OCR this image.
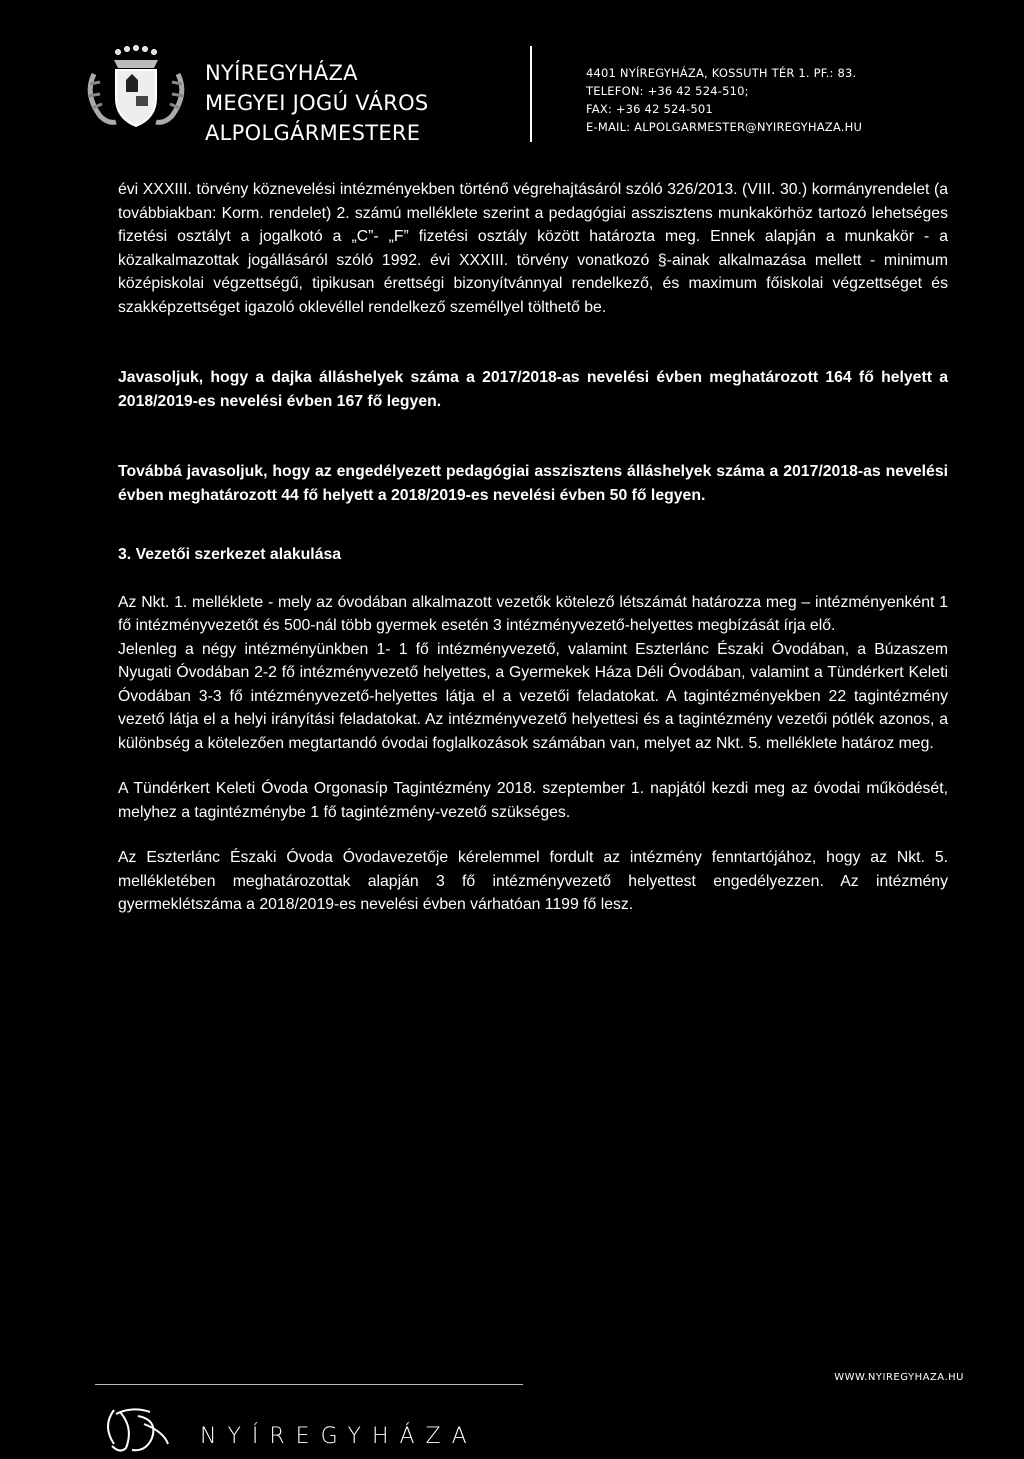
NYÍREGYHÁZA
MEGYEI JOGÚ VÁROS
ALPOLGÁRMESTERE
4401 NYÍREGYHÁZA, KOSSUTH TÉR 1. PF.: 83.
TELEFON: +36 42 524-510;
FAX: +36 42 524-501
E-MAIL: ALPOLGARMESTER@NYIREGYHAZA.HU

évi XXXIII. törvény köznevelési intézményekben történő végrehajtásáról szóló 326/2013. (VIII. 30.) kormányrendelet (a továbbiakban: Korm. rendelet) 2. számú melléklete szerint a pedagógiai asszisztens munkakörhöz tartozó lehetséges fizetési osztályt a jogalkotó a „C”- „F” fizetési osztály között határozta meg. Ennek alapján a munkakör - a közalkalmazottak jogállásáról szóló 1992. évi XXXIII. törvény vonatkozó §-ainak alkalmazása mellett - minimum középiskolai végzettségű, tipikusan érettségi bizonyítvánnyal rendelkező, és maximum főiskolai végzettséget és szakképzettséget igazoló oklevéllel rendelkező személlyel tölthető be.

Javasoljuk, hogy a dajka álláshelyek száma a 2017/2018-as nevelési évben meghatározott 164 fő helyett a 2018/2019-es nevelési évben 167 fő legyen.

Továbbá javasoljuk, hogy az engedélyezett pedagógiai asszisztens álláshelyek száma a 2017/2018-as nevelési évben meghatározott 44 fő helyett a 2018/2019-es nevelési évben 50 fő legyen.

3. Vezetői szerkezet alakulása

Az Nkt. 1. melléklete - mely az óvodában alkalmazott vezetők kötelező létszámát határozza meg – intézményenként 1 fő intézményvezetőt és 500-nál több gyermek esetén 3 intézményvezető-helyettes megbízását írja elő.

Jelenleg a négy intézményünkben 1- 1 fő intézményvezető, valamint Eszterlánc Északi Óvodában, a Búzaszem Nyugati Óvodában 2-2 fő intézményvezető helyettes, a Gyermekek Háza Déli Óvodában, valamint a Tündérkert Keleti Óvodában 3-3 fő intézményvezető-helyettes látja el a vezetői feladatokat. A tagintézményekben 22 tagintézmény vezető látja el a helyi irányítási feladatokat. Az intézményvezető helyettesi és a tagintézmény vezetői pótlék azonos, a különbség a kötelezően megtartandó óvodai foglalkozások számában van, melyet az Nkt. 5. melléklete határoz meg.

A Tündérkert Keleti Óvoda Orgonasíp Tagintézmény 2018. szeptember 1. napjától kezdi meg az óvodai működését, melyhez a tagintézménybe 1 fő tagintézmény-vezető szükséges.

Az Eszterlánc Északi Óvoda Óvodavezetője kérelemmel fordult az intézmény fenntartójához, hogy az Nkt. 5. mellékletében meghatározottak alapján 3 fő intézményvezető helyettest engedélyezzen. Az intézmény gyermeklétszáma a 2018/2019-es nevelési évben várhatóan 1199 fő lesz.

WWW.NYIREGYHAZA.HU
NYÍREGYHÁZA
